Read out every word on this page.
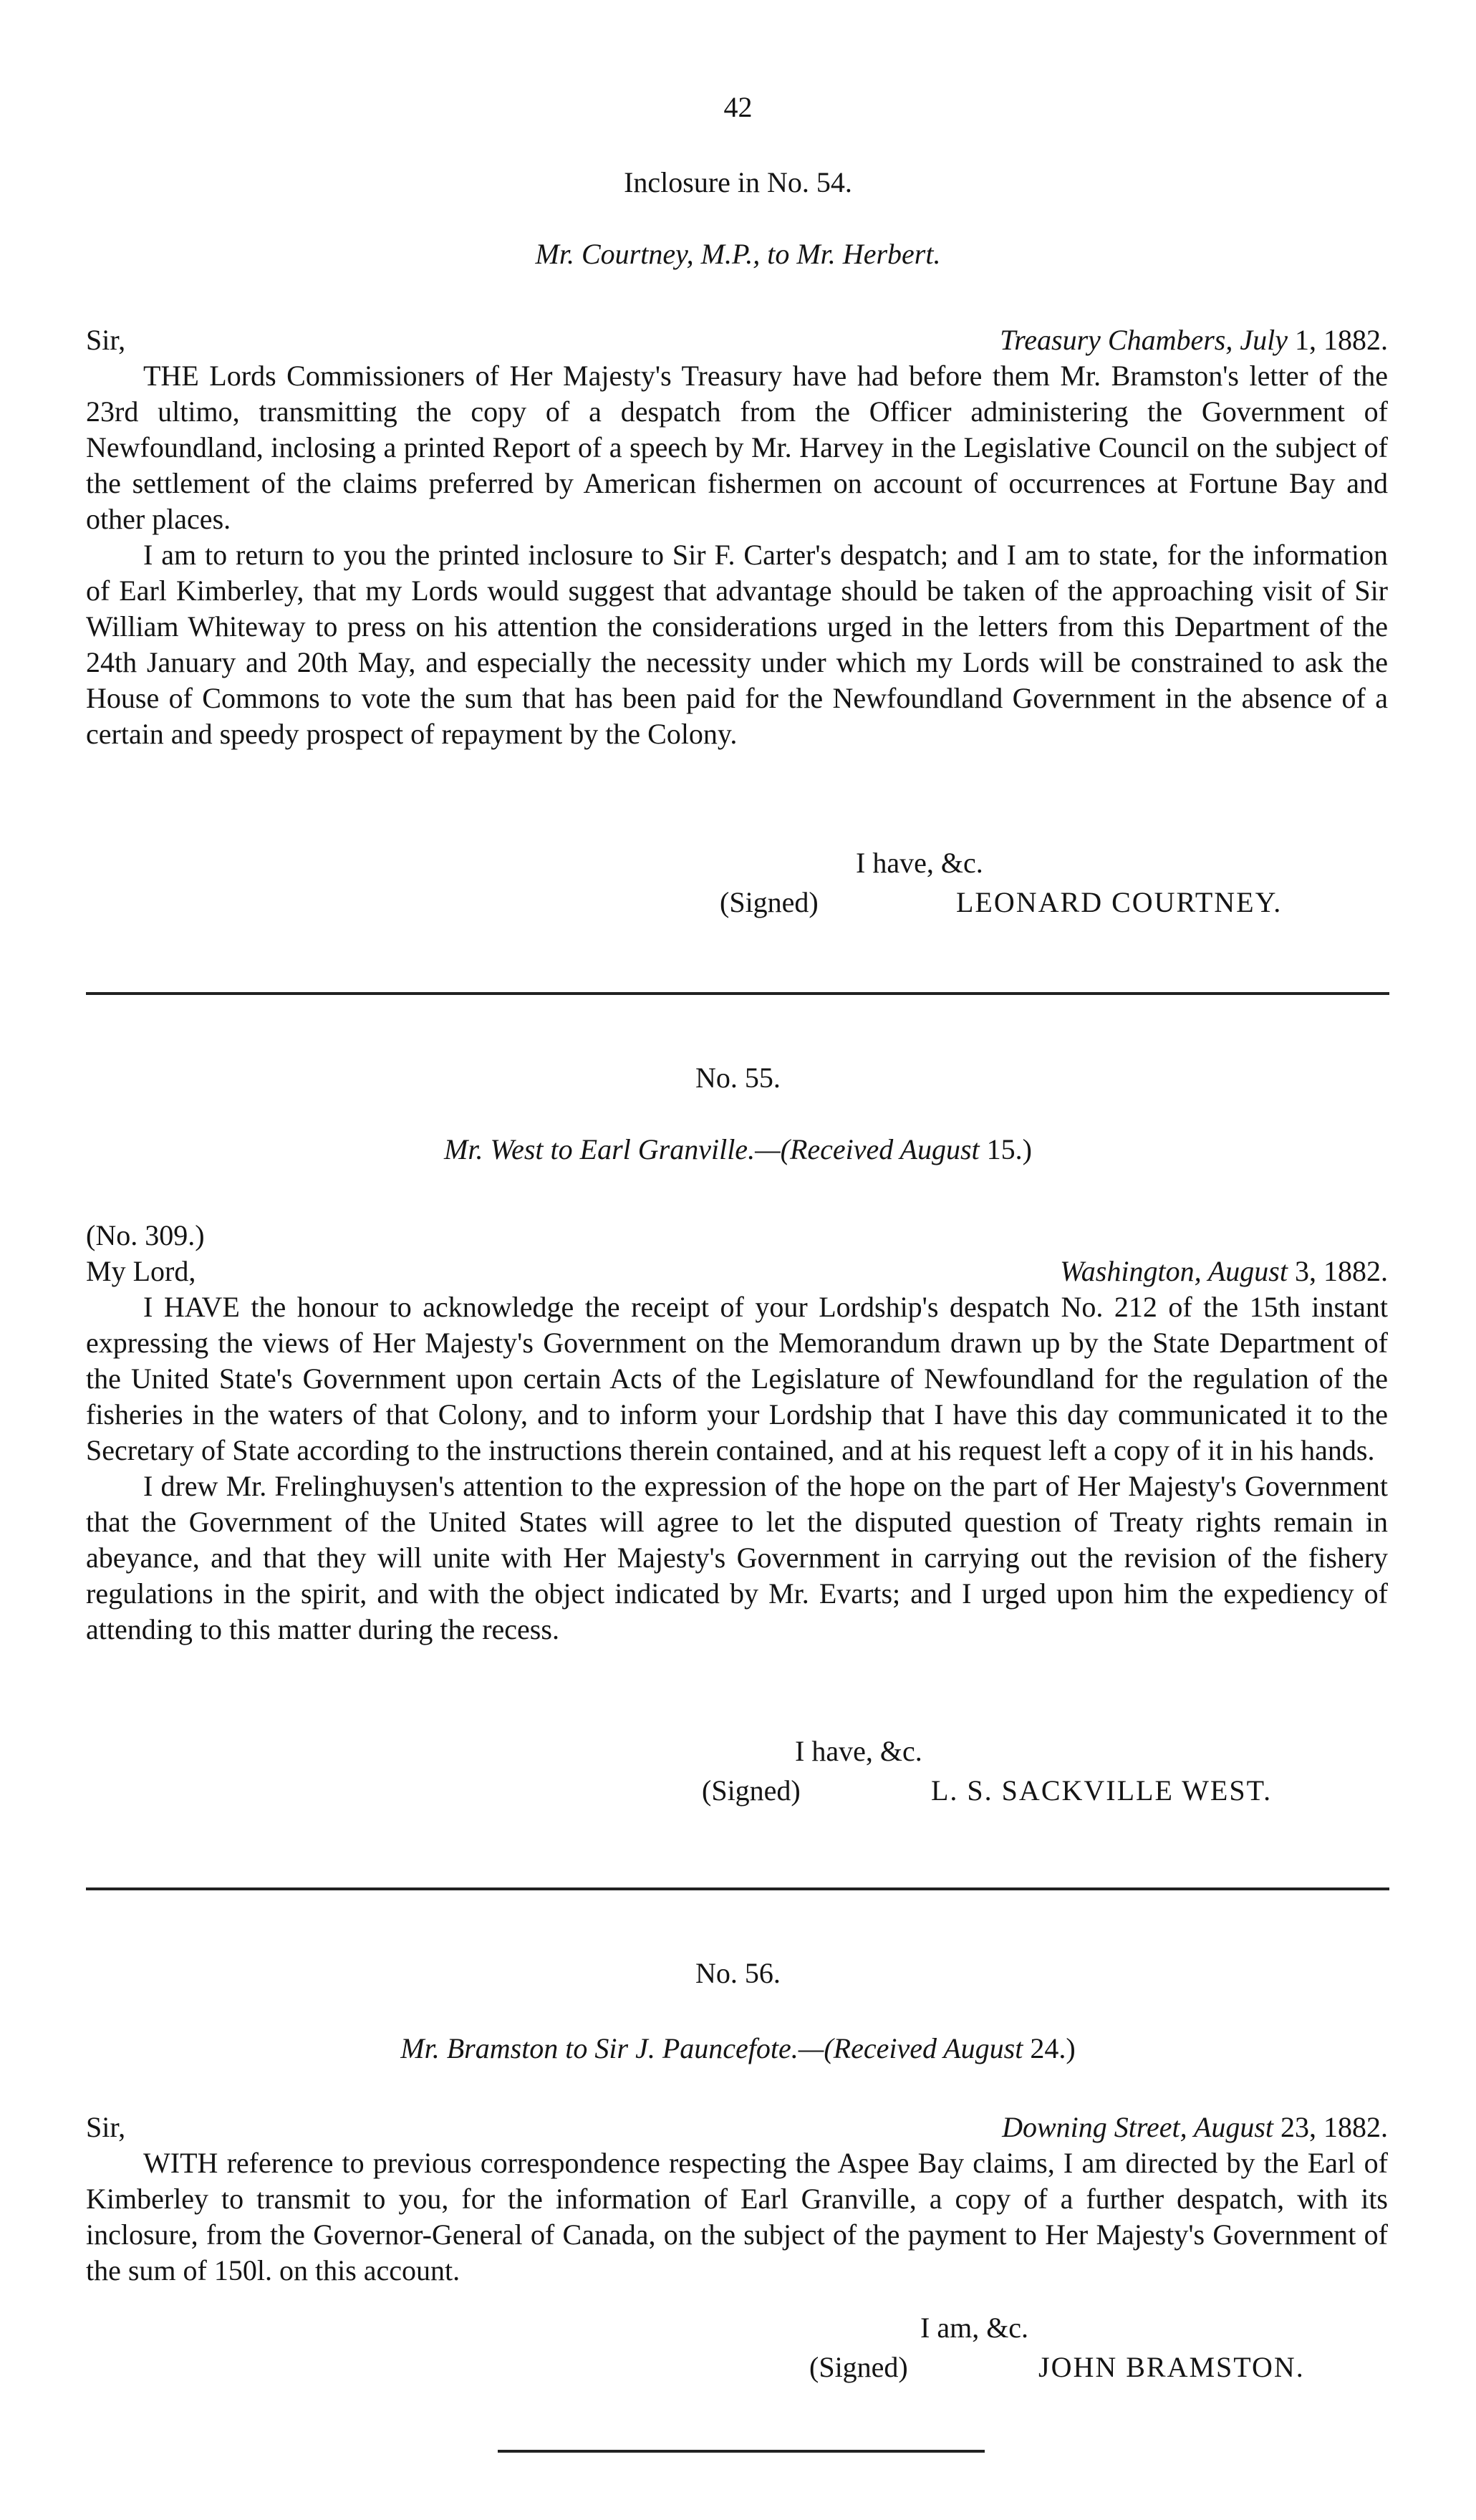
42
Inclosure in No. 54.
Mr. Courtney, M.P., to Mr. Herbert.
Sir,	Treasury Chambers, July 1, 1882.

THE Lords Commissioners of Her Majesty's Treasury have had before them Mr. Bramston's letter of the 23rd ultimo, transmitting the copy of a despatch from the Officer administering the Government of Newfoundland, inclosing a printed Report of a speech by Mr. Harvey in the Legislative Council on the subject of the settlement of the claims preferred by American fishermen on account of occurrences at Fortune Bay and other places.

I am to return to you the printed inclosure to Sir F. Carter's despatch; and I am to state, for the information of Earl Kimberley, that my Lords would suggest that advantage should be taken of the approaching visit of Sir William Whiteway to press on his attention the considerations urged in the letters from this Department of the 24th January and 20th May, and especially the necessity under which my Lords will be constrained to ask the House of Commons to vote the sum that has been paid for the Newfoundland Government in the absence of a certain and speedy prospect of repayment by the Colony.

I have, &c.
(Signed)	LEONARD COURTNEY.
No. 55.
Mr. West to Earl Granville.—(Received August 15.)
(No. 309.)
My Lord,	Washington, August 3, 1882.

I HAVE the honour to acknowledge the receipt of your Lordship's despatch No. 212 of the 15th instant expressing the views of Her Majesty's Government on the Memorandum drawn up by the State Department of the United State's Government upon certain Acts of the Legislature of Newfoundland for the regulation of the fisheries in the waters of that Colony, and to inform your Lordship that I have this day communicated it to the Secretary of State according to the instructions therein contained, and at his request left a copy of it in his hands.

I drew Mr. Frelinghuysen's attention to the expression of the hope on the part of Her Majesty's Government that the Government of the United States will agree to let the disputed question of Treaty rights remain in abeyance, and that they will unite with Her Majesty's Government in carrying out the revision of the fishery regulations in the spirit, and with the object indicated by Mr. Evarts; and I urged upon him the expediency of attending to this matter during the recess.

I have, &c.
(Signed)	L. S. SACKVILLE WEST.
No. 56.
Mr. Bramston to Sir J. Pauncefote.—(Received August 24.)
Sir,	Downing Street, August 23, 1882.

WITH reference to previous correspondence respecting the Aspee Bay claims, I am directed by the Earl of Kimberley to transmit to you, for the information of Earl Granville, a copy of a further despatch, with its inclosure, from the Governor-General of Canada, on the subject of the payment to Her Majesty's Government of the sum of 150l. on this account.

I am, &c.
(Signed)	JOHN BRAMSTON.
